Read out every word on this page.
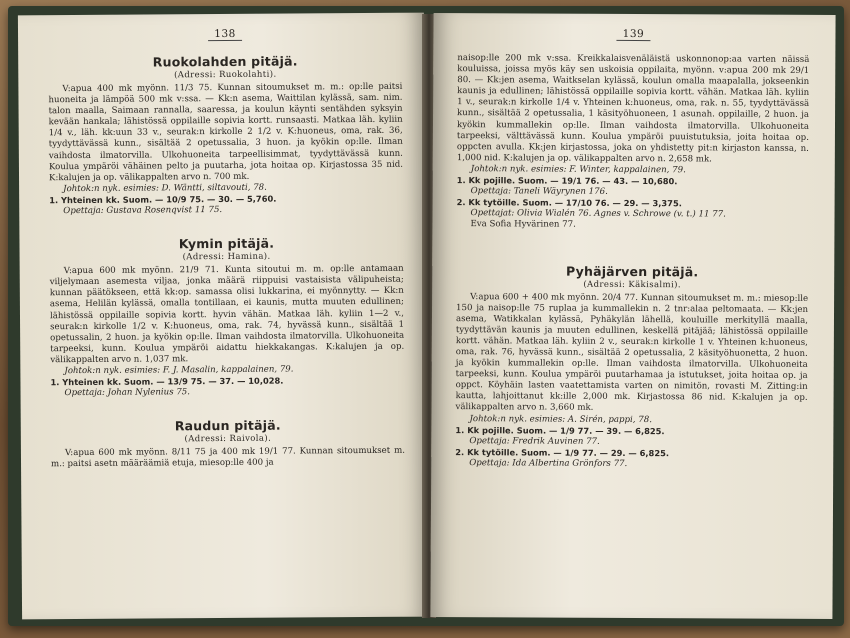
138
Ruokolahden pitäjä.
(Adressi: Ruokolahti).

V:apua 400 mk myönn. 11/3 75. Kunnan sitoumukset m. m.: op:lle paitsi huoneita ja lämpöä 500 mk v:ssa. — Kk:n asema, Waittilan kylässä, sam. nim. talon maalla, Saimaan rannalla, saaressa, ja koulun käynti sentähden syksyin kevään hankala; lähistössä oppilaille sopivia kortt. runsaasti. Matkaa läh. kyliin 1/4 v., läh. kk:uun 33 v., seurak:n kirkolle 2 1/2 v. K:huoneus, oma, rak. 36, tyydyttävässä kunn., sisältää 2 opetussalia, 3 huon. ja kyökin op:lle. Ilman vaihdosta ilmatorvilla. Ulkohuoneita tarpeellisimmat, tyydyttävässä kunn. Koulua ympäröi vähäinen pelto ja puutarha, jota hoitaa op. Kirjastossa 35 nid. K:kalujen ja op. välikappalten arvo n. 700 mk.

Johtok:n nyk. esimies: D. Wäntti, siltavouti, 78.

1. Yhteinen kk. Suom. — 10/9 75. — 30. — 5,760.

Opettaja: Gustava Rosenqvist 11 75.

Kymin pitäjä.
(Adressi: Hamina).

V:apua 600 mk myönn. 21/9 71. Kunta sitoutui m. m. op:lle antamaan viljelymaan asemesta viljaa, jonka määrä riippuisi vastaisista välipuheista; kunnan päätökseen, että kk:op. samassa olisi lukkarina, ei myönnytty. — Kk:n asema, Helilän kylässä, omalla tontillaan, ei kaunis, mutta muuten edullinen; lähistössä oppilaille sopivia kortt. hyvin vähän. Matkaa läh. kyliin 1—2 v., seurak:n kirkolle 1/2 v. K:huoneus, oma, rak. 74, hyvässä kunn., sisältää 1 opetussalin, 2 huon. ja kyökin op:lle. Ilman vaihdosta ilmatorvilla. Ulkohuoneita tarpeeksi, kunn. Koulua ympäröi aidattu hiekkakangas. K:kalujen ja op. välikappalten arvo n. 1,037 mk.

Johtok:n nyk. esimies: F. J. Masalin, kappalainen, 79.

1. Yhteinen kk. Suom. — 13/9 75. — 37. — 10,028.

Opettaja: Johan Nylenius 75.

Raudun pitäjä.
(Adressi: Raivola).

V:apua 600 mk myönn. 8/11 75 ja 400 mk 19/1 77. Kunnan sitoumukset m. m.: paitsi asetn määräämiä etuja, miesop:lle 400 ja

139

naisop:lle 200 mk v:ssa. Kreikkalaisvenäläistä uskonnonop:aa varten näissä kouluissa, joissa myös käy sen uskoisia oppilaita, myönn. v:apua 200 mk 29/1 80. — Kk:jen asema, Waitkselan kylässä, koulun omalla maapalalla, jokseenkin kaunis ja edullinen; lähistössä oppilaille sopivia kortt. vähän. Matkaa läh. kyliin 1 v., seurak:n kirkolle 1/4 v. Yhteinen k:huoneus, oma, rak. n. 55, tyydyttävässä kunn., sisältää 2 opetussalia, 1 käsityöhuoneen, 1 asunah. oppilaille, 2 huon. ja kyökin kummallekin op:lle. Ilman vaihdosta ilmatorvilla. Ulkohuoneita tarpeeksi, välttävässä kunn. Koulua ympäröi puuistutuksia, joita hoitaa op. oppcten avulla. Kk:jen kirjastossa, joka on yhdistetty pit:n kirjaston kanssa, n. 1,000 nid. K:kalujen ja op. välikappalten arvo n. 2,658 mk.

Johtok:n nyk. esimies: F. Winter, kappalainen, 79.

1. Kk pojille. Suom. — 19/1 76. — 43. — 10,680.

Opettaja: Taneli Wäyrynen 176.

2. Kk tytöille. Suom. — 17/10 76. — 29. — 3,375.

Opettajat: Olivia Wialén 76. Agnes v. Schrowe (v. t.) 11 77.

Eva Sofia Hyvärinen 77.

Pyhäjärven pitäjä.
(Adressi: Käkisalmi).

V:apua 600 + 400 mk myönn. 20/4 77. Kunnan sitoumukset m. m.: miesop:lle 150 ja naisop:lle 75 ruplaa ja kummallekin n. 2 tnr:alaa peltomaata. — Kk:jen asema, Watikkalan kylässä, Pyhäkylän lähellä, kouluille merkityllä maalla, tyydyttävän kaunis ja muuten edullinen, keskellä pitäjää; lähistössä oppilaille kortt. vähän. Matkaa läh. kyliin 2 v., seurak:n kirkolle 1 v. Yhteinen k:huoneus, oma, rak. 76, hyvässä kunn., sisältää 2 opetussalia, 2 käsityöhuonetta, 2 huon. ja kyökin kummallekin op:lle. Ilman vaihdosta ilmatorvilla. Ulkohuoneita tarpeeksi, kunn. Koulua ympäröi puutarhamaa ja istutukset, joita hoitaa op. ja oppct. Köyhäin lasten vaatettamista varten on nimitön, rovasti M. Zitting:in kautta, lahjoittanut kk:ille 2,000 mk. Kirjastossa 86 nid. K:kalujen ja op. välikappalten arvo n. 3,660 mk.

Johtok:n nyk. esimies: A. Sirén, pappi, 78.

1. Kk pojille. Suom. — 1/9 77. — 39. — 6,825.

Opettaja: Fredrik Auvinen 77.

2. Kk tytöille. Suom. — 1/9 77. — 29. — 6,825.

Opettaja: Ida Albertina Grönfors 77.
